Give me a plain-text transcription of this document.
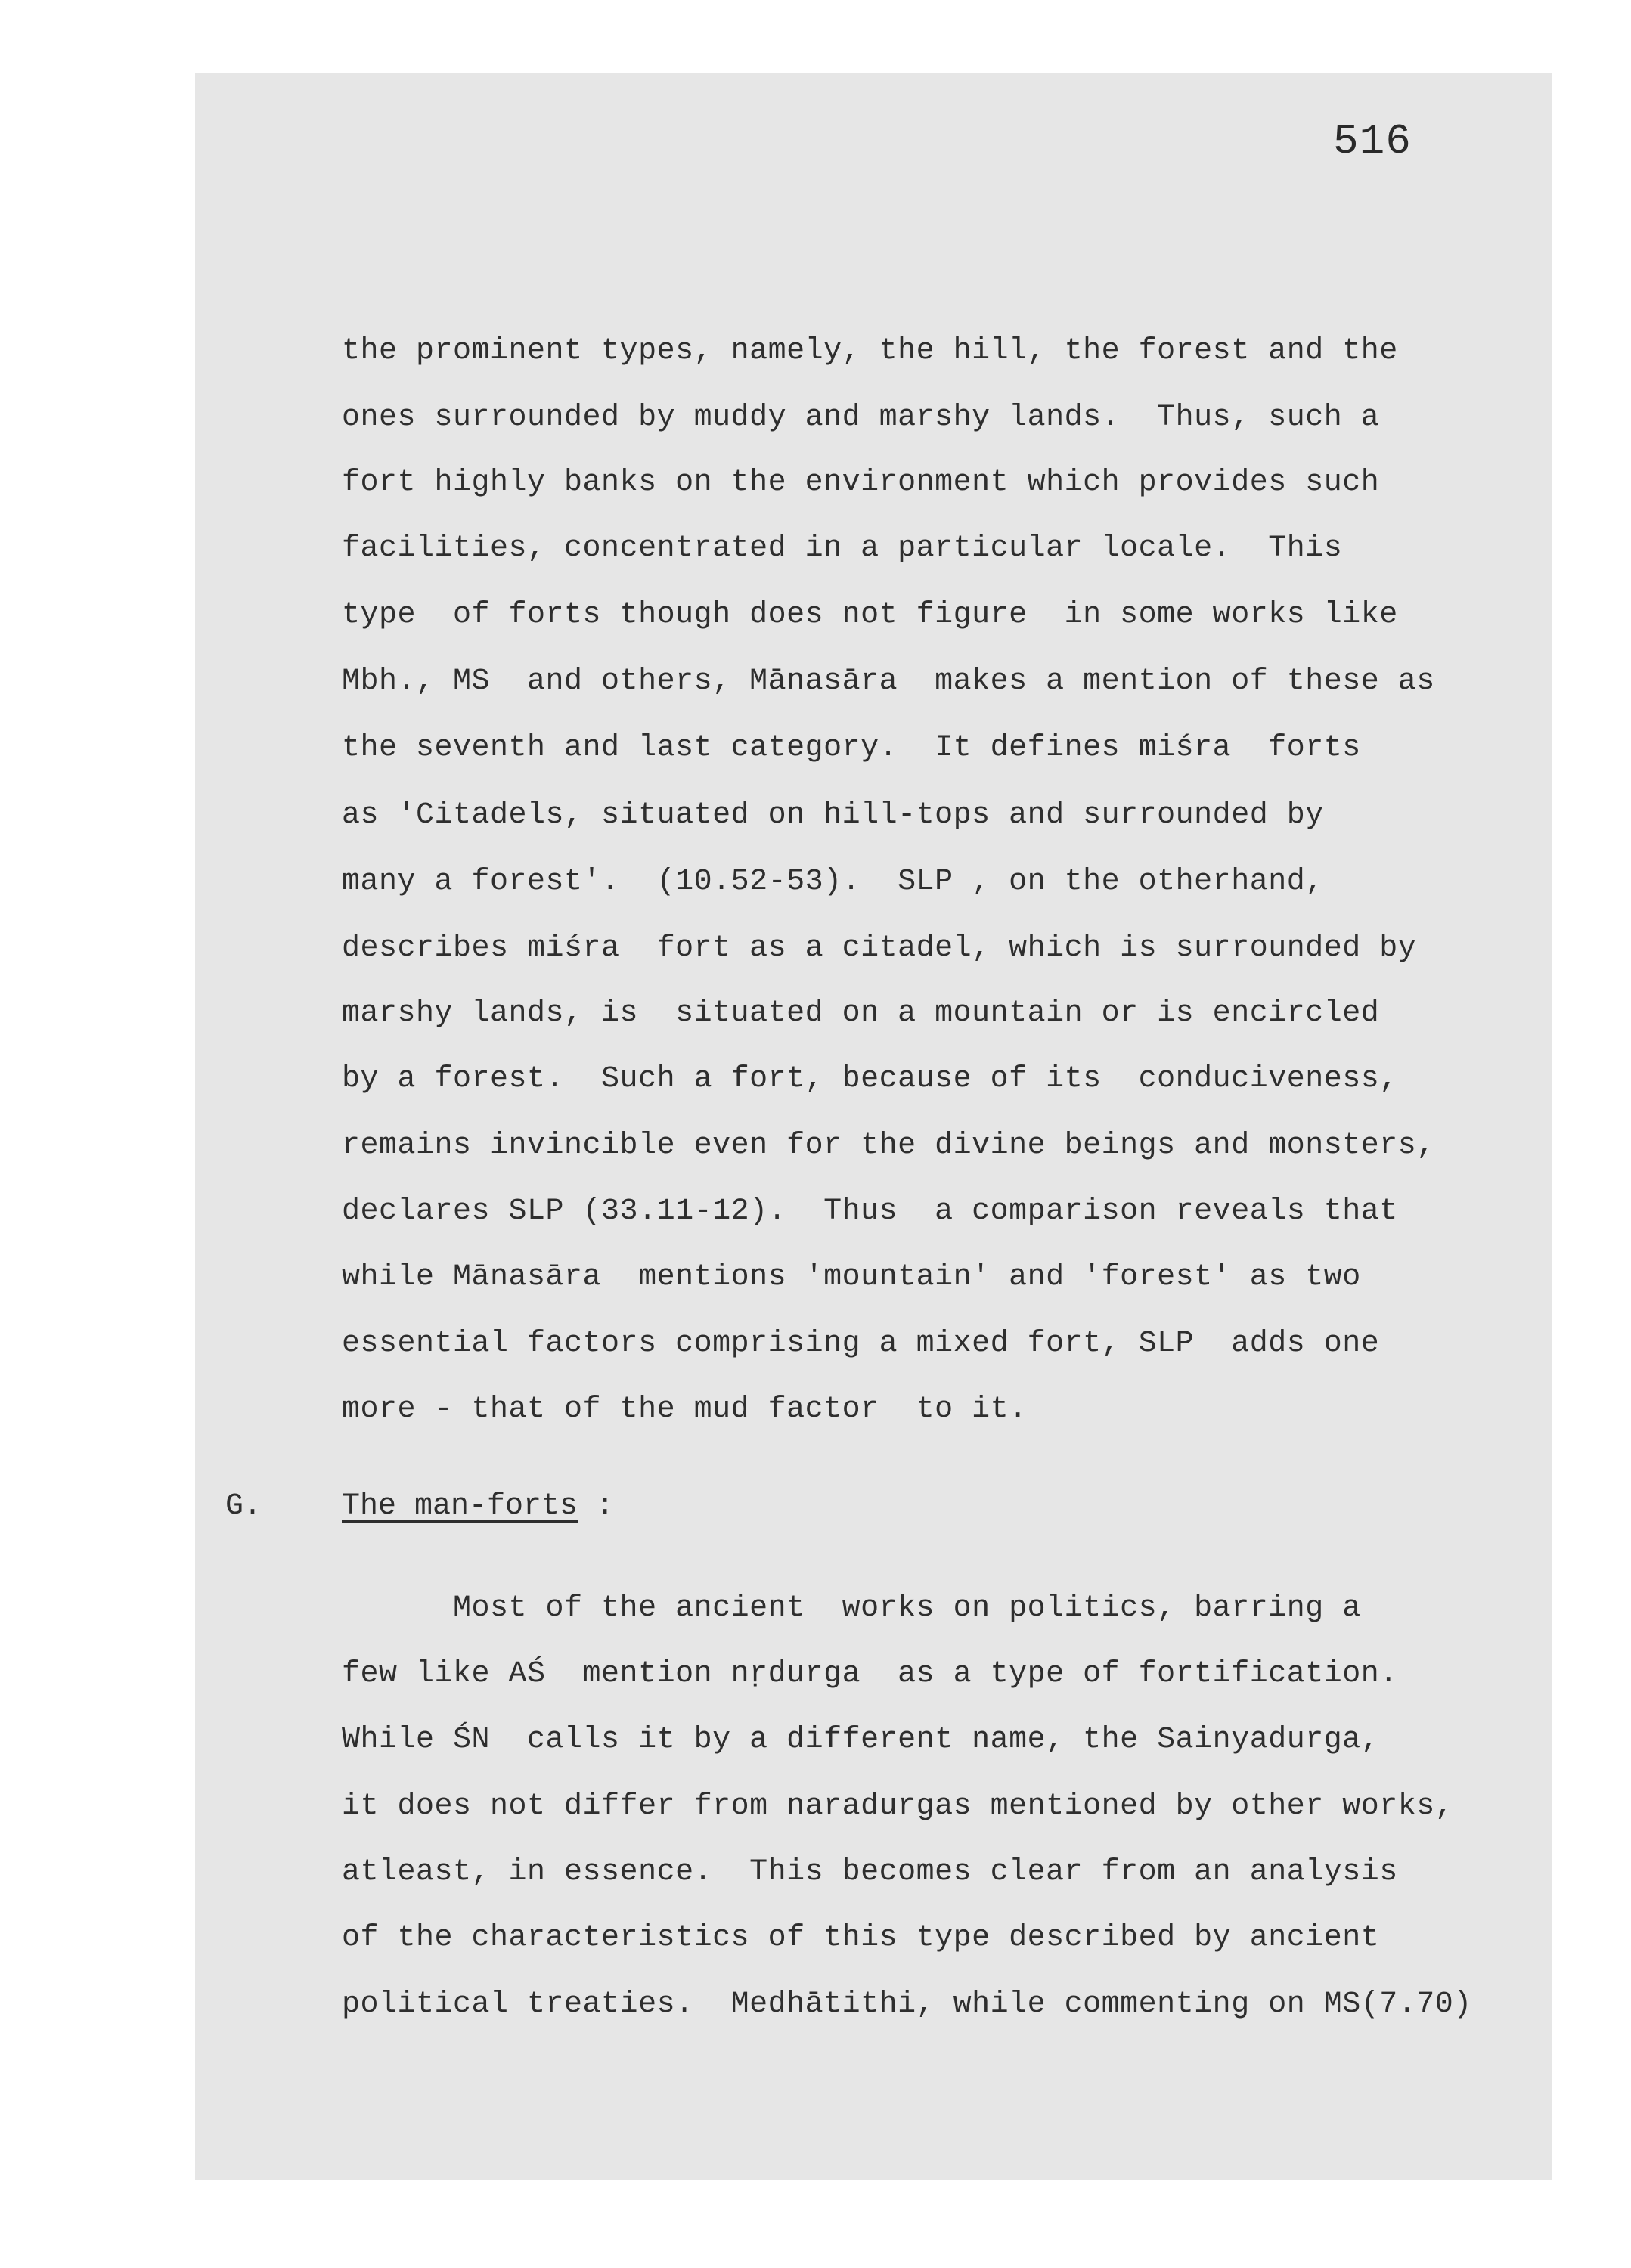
516
the prominent types, namely, the hill, the forest and the
ones surrounded by muddy and marshy lands.  Thus, such a
fort highly banks on the environment which provides such
facilities, concentrated in a particular locale.  This
type  of forts though does not figure  in some works like
Mbh., MS  and others, Mānasāra  makes a mention of these as
the seventh and last category.  It defines miśra  forts
as 'Citadels, situated on hill-tops and surrounded by
many a forest'.  (10.52-53).  SLP , on the otherhand,
describes miśra  fort as a citadel, which is surrounded by
marshy lands, is  situated on a mountain or is encircled
by a forest.  Such a fort, because of its  conduciveness,
remains invincible even for the divine beings and monsters,
declares SLP (33.11-12).  Thus  a comparison reveals that
while Mānasāra  mentions 'mountain' and 'forest' as two
essential factors comprising a mixed fort, SLP  adds one
more - that of the mud factor  to it.
G.	The man-forts :
Most of the ancient  works on politics, barring a
few like AŚ  mention nṛdurga  as a type of fortification.
While ŚN  calls it by a different name, the Sainyadurga,
it does not differ from naradurgas mentioned by other works,
atleast, in essence.  This becomes clear from an analysis
of the characteristics of this type described by ancient
political treaties.  Medhātithi, while commenting on MS(7.70)
